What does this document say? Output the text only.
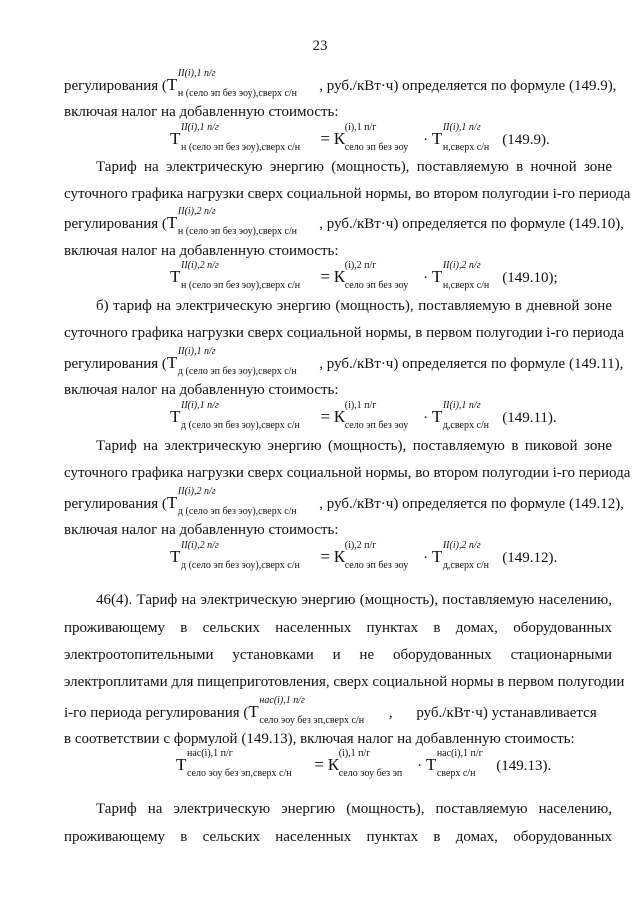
23
регулирования (Т
II(i),1 п/г
н (село эп без эоу),сверх с/н , руб./кВт·ч) определяется по формуле (149.9),
включая налог на добавленную стоимость:
Т
II(i),1 п/г
н (село эп без эоу),сверх с/н = К
(i),1 п/г
село эп без эоу · Т
II(i),1 п/г
н,сверх с/н (149.9).
Тариф на электрическую энергию (мощность), поставляемую в ночной зоне
суточного графика нагрузки сверх социальной нормы, во втором полугодии i-го периода
регулирования (Т
II(i),2 п/г
н (село эп без эоу),сверх с/н , руб./кВт·ч) определяется по формуле (149.10),
включая налог на добавленную стоимость:
Т
II(i),2 п/г
н (село эп без эоу),сверх с/н = К
(i),2 п/г
село эп без эоу · Т
II(i),2 п/г
н,сверх с/н (149.10);
б) тариф на электрическую энергию (мощность), поставляемую в дневной зоне
суточного графика нагрузки сверх социальной нормы, в первом полугодии i-го периода
регулирования (Т
II(i),1 п/г
д (село эп без эоу),сверх с/н , руб./кВт·ч) определяется по формуле (149.11),
включая налог на добавленную стоимость:
Т
II(i),1 п/г
д (село эп без эоу),сверх с/н = К
(i),1 п/г
село эп без эоу · Т
II(i),1 п/г
д,сверх с/н (149.11).
Тариф на электрическую энергию (мощность), поставляемую в пиковой зоне
суточного графика нагрузки сверх социальной нормы, во втором полугодии i-го периода
регулирования (Т
II(i),2 п/г
д (село эп без эоу),сверх с/н , руб./кВт·ч) определяется по формуле (149.12),
включая налог на добавленную стоимость:
Т
II(i),2 п/г
д (село эп без эоу),сверх с/н = К
(i),2 п/г
село эп без эоу · Т
II(i),2 п/г
д,сверх с/н (149.12).
46(4). Тариф на электрическую энергию (мощность), поставляемую населению,
проживающему в сельских населенных пунктах в домах, оборудованных
электроотопительными установками и не оборудованных стационарными
электроплитами для пищеприготовления, сверх социальной нормы в первом полугодии
i-го периода регулирования (Т
нас(i),1 п/г
село эоу без эп,сверх с/н , руб./кВт·ч) устанавливается
в соответствии с формулой (149.13), включая налог на добавленную стоимость:
Т
нас(i),1 п/г
село эоу без эп,сверх с/н = К
(i),1 п/г
село эоу без эп · Т
нас(i),1 п/г
сверх с/н (149.13).
Тариф на электрическую энергию (мощность), поставляемую населению,
проживающему в сельских населенных пунктах в домах, оборудованных
